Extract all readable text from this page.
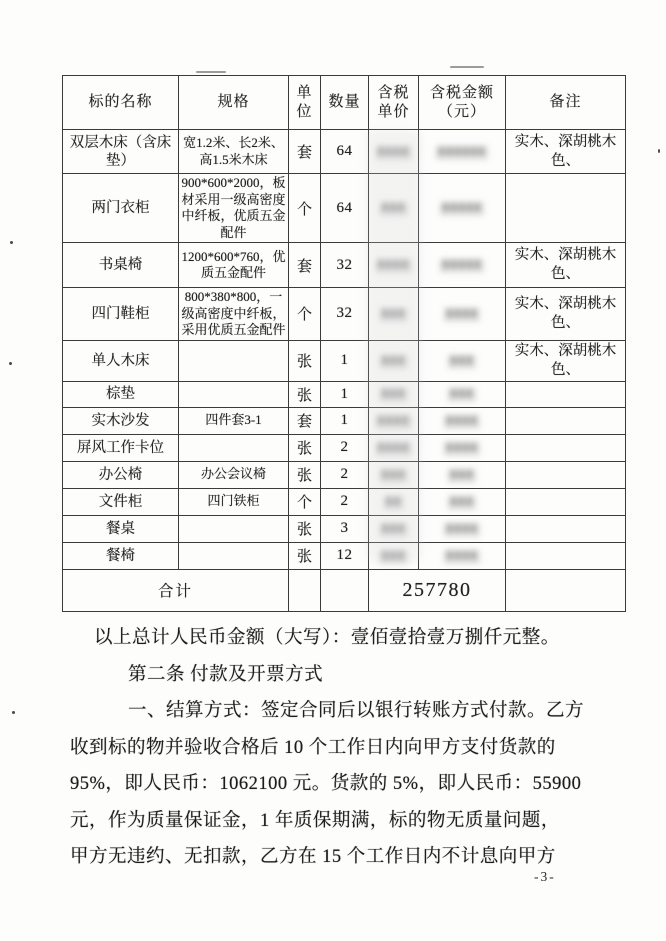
标的名称	规格	单位	数量	含税单价	含税金额（元）	备注
双层木床（含床垫）	宽1.2米、长2米、高1.5米木床	套	64	8888	888888	实木、深胡桃木色、
两门衣柜	900*600*2000，板材采用一级高密度中纤板，优质五金配件	个	64	888	88888	
书桌椅	1200*600*760，优质五金配件	套	32	8888	88888	实木、深胡桃木色、
四门鞋柜	800*380*800，一级高密度中纤板，采用优质五金配件	个	32	888	8888	实木、深胡桃木色、
单人木床		张	1	888	888	实木、深胡桃木色、
棕垫		张	1	888	888	
实木沙发	四件套3-1	套	1	8888	8888	
屏风工作卡位		张	2	8888	8888	
办公椅	办公会议椅	张	2	888	888	
文件柜	四门铁柜	个	2	88	888	
餐桌		张	3	888	8888	
餐椅		张	12	888	8888	
合计				257780		
以上总计人民币金额（大写）：壹佰壹拾壹万捌仟元整。
第二条 付款及开票方式
一、结算方式：签定合同后以银行转账方式付款。乙方
收到标的物并验收合格后 10 个工作日内向甲方支付货款的
95%，即人民币：1062100 元。货款的 5%，即人民币：55900
元，作为质量保证金，1 年质保期满，标的物无质量问题，
甲方无违约、无扣款，乙方在 15 个工作日内不计息向甲方
-3-
